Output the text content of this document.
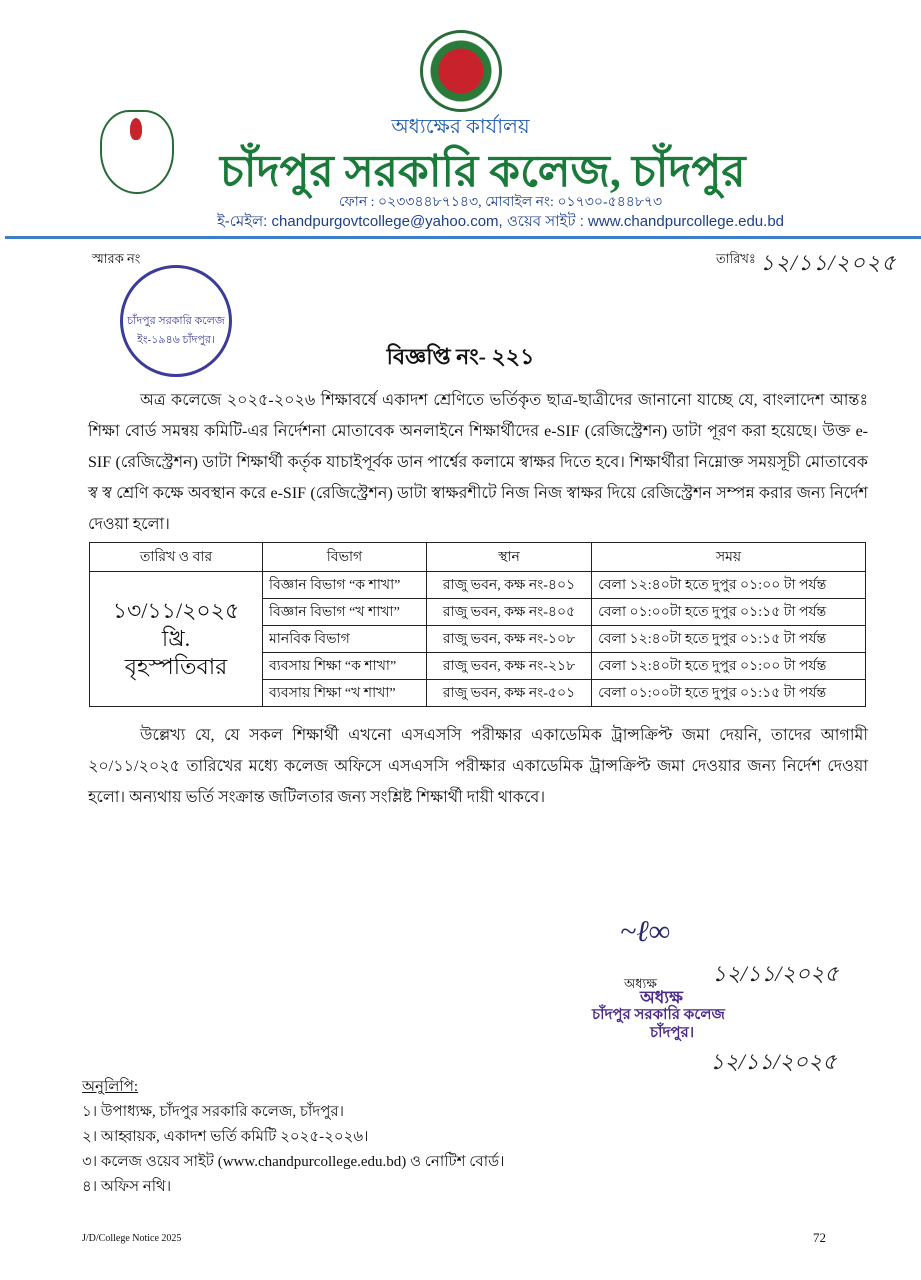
অধ্যক্ষের কার্যালয়
চাঁদপুর সরকারি কলেজ, চাঁদপুর
ফোন : ০২৩৩৪৪৮৭১৪৩, মোবাইল নং: ০১৭৩০-৫৪৪৮৭৩
ই-মেইল: chandpurgovtcollege@yahoo.com, ওয়েব সাইট : www.chandpurcollege.edu.bd
স্মারক নং	তারিখঃ ১২/১১/২০২৫
চাঁদপুর সরকারি কলেজ ইং-১৯৪৬ চাঁদপুর।
বিজ্ঞপ্তি নং- ২২১
অত্র কলেজে ২০২৫-২০২৬ শিক্ষাবর্ষে একাদশ শ্রেণিতে ভর্তিকৃত ছাত্র-ছাত্রীদের জানানো যাচ্ছে যে, বাংলাদেশ আন্তঃ শিক্ষা বোর্ড সমন্বয় কমিটি-এর নির্দেশনা মোতাবেক অনলাইনে শিক্ষার্থীদের e-SIF (রেজিস্ট্রেশন) ডাটা পূরণ করা হয়েছে। উক্ত e-SIF (রেজিস্ট্রেশন) ডাটা শিক্ষার্থী কর্তৃক যাচাইপূর্বক ডান পার্শ্বের কলামে স্বাক্ষর দিতে হবে। শিক্ষার্থীরা নিম্নোক্ত সময়সূচী মোতাবেক স্ব স্ব শ্রেণি কক্ষে অবস্থান করে e-SIF (রেজিস্ট্রেশন) ডাটা স্বাক্ষরশীটে নিজ নিজ স্বাক্ষর দিয়ে রেজিস্ট্রেশন সম্পন্ন করার জন্য নির্দেশ দেওয়া হলো।
তারিখ ও বার	বিভাগ	স্থান	সময়
১৩/১১/২০২৫ খ্রি.
বৃহস্পতিবার	বিজ্ঞান বিভাগ “ক শাখা”	রাজু ভবন, কক্ষ নং-৪০১	বেলা ১২:৪০টা হতে দুপুর ০১:০০ টা পর্যন্ত
	বিজ্ঞান বিভাগ “খ শাখা”	রাজু ভবন, কক্ষ নং-৪০৫	বেলা ০১:০০টা হতে দুপুর ০১:১৫ টা পর্যন্ত
	মানবিক বিভাগ	রাজু ভবন, কক্ষ নং-১০৮	বেলা ১২:৪০টা হতে দুপুর ০১:১৫ টা পর্যন্ত
	ব্যবসায় শিক্ষা “ক শাখা”	রাজু ভবন, কক্ষ নং-২১৮	বেলা ১২:৪০টা হতে দুপুর ০১:০০ টা পর্যন্ত
	ব্যবসায় শিক্ষা “খ শাখা”	রাজু ভবন, কক্ষ নং-৫০১	বেলা ০১:০০টা হতে দুপুর ০১:১৫ টা পর্যন্ত
উল্লেখ্য যে, যে সকল শিক্ষার্থী এখনো এসএসসি পরীক্ষার একাডেমিক ট্রান্সক্রিপ্ট জমা দেয়নি, তাদের আগামী ২০/১১/২০২৫ তারিখের মধ্যে কলেজ অফিসে এসএসসি পরীক্ষার একাডেমিক ট্রান্সক্রিপ্ট জমা দেওয়ার জন্য নির্দেশ দেওয়া হলো। অন্যথায় ভর্তি সংক্রান্ত জটিলতার জন্য সংশ্লিষ্ট শিক্ষার্থী দায়ী থাকবে।
~ℓ∞
১২/১১/২০২৫
অধ্যক্ষ
অধ্যক্ষ
চাঁদপুর সরকারি কলেজ
চাঁদপুর।
১২/১১/২০২৫
অনুলিপি:
১। উপাধ্যক্ষ, চাঁদপুর সরকারি কলেজ, চাঁদপুর।
২। আহ্বায়ক, একাদশ ভর্তি কমিটি ২০২৫-২০২৬।
৩। কলেজ ওয়েব সাইট (www.chandpurcollege.edu.bd) ও নোটিশ বোর্ড।
৪। অফিস নথি।
J/D/College Notice 2025	72
